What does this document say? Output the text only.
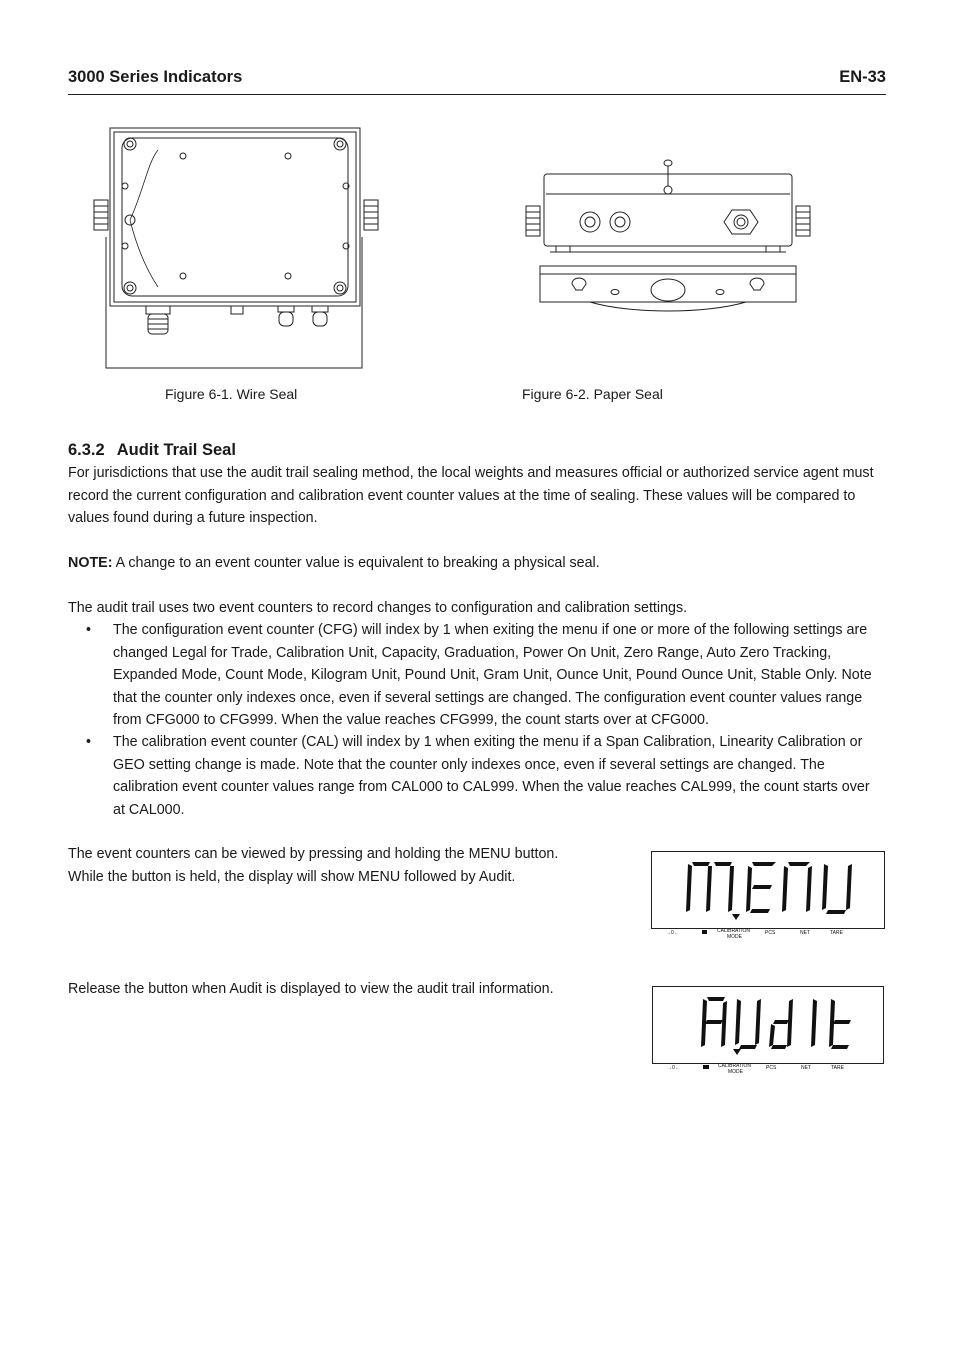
3000 Series Indicators	EN-33
Figure 6-1. Wire Seal	Figure 6-2. Paper Seal
6.3.2 Audit Trail Seal
For jurisdictions that use the audit trail sealing method, the local weights and measures official or authorized service agent must record the current configuration and calibration event counter values at the time of sealing. These values will be compared to values found during a future inspection.
NOTE: A change to an event counter value is equivalent to breaking a physical seal.
The audit trail uses two event counters to record changes to configuration and calibration settings.
• The configuration event counter (CFG) will index by 1 when exiting the menu if one or more of the following settings are changed Legal for Trade, Calibration Unit, Capacity, Graduation, Power On Unit, Zero Range, Auto Zero Tracking, Expanded Mode, Count Mode, Kilogram Unit, Pound Unit, Gram Unit, Ounce Unit, Pound Ounce Unit, Stable Only. Note that the counter only indexes once, even if several settings are changed. The configuration event counter values range from CFG000 to CFG999. When the value reaches CFG999, the count starts over at CFG000.
• The calibration event counter (CAL) will index by 1 when exiting the menu if a Span Calibration, Linearity Calibration or GEO setting change is made. Note that the counter only indexes once, even if several settings are changed. The calibration event counter values range from CAL000 to CAL999. When the value reaches CAL999, the count starts over at CAL000.
The event counters can be viewed by pressing and holding the MENU button.
While the button is held, the display will show MENU followed by Audit.
Release the button when Audit is displayed to view the audit trail information.
→0←	CALIBRATION
MODE
PCS	NET	TARE
→0←	CALIBRATION
MODE
PCS	NET	TARE
